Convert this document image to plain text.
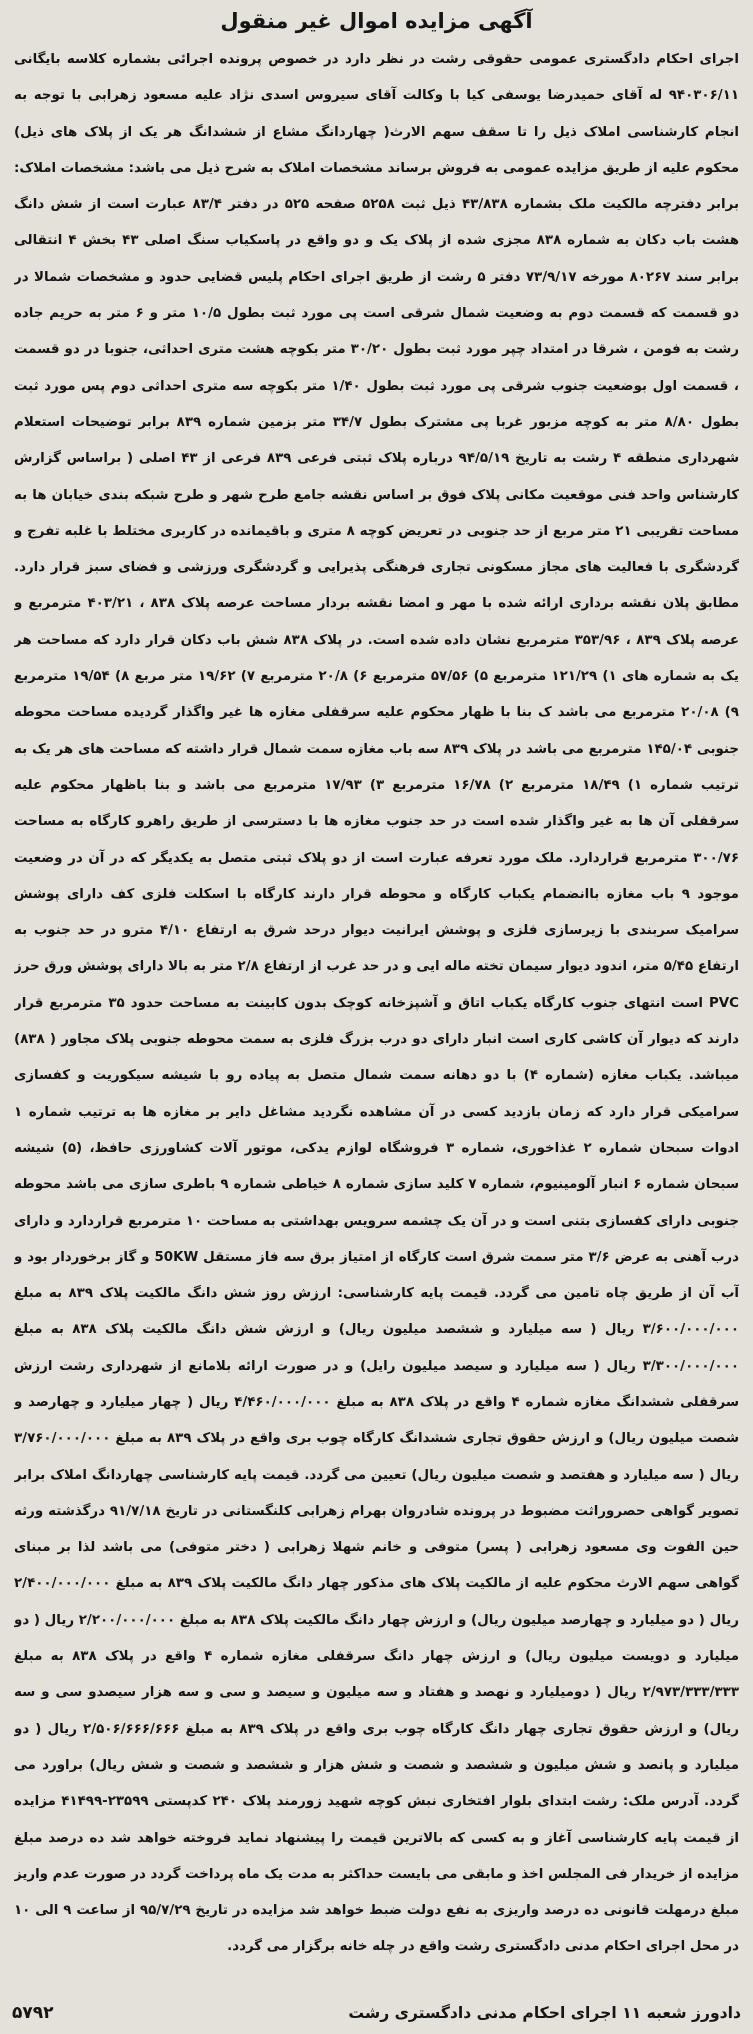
آگهی مزایده اموال غیر منقول
اجرای احکام دادگستری عمومی حقوقی رشت در نظر دارد در خصوص پرونده اجرائی بشماره کلاسه بایگانی ۹۴۰۳۰۶/۱۱ له آقای حمیدرضا یوسفی کیا با وکالت آقای سیروس اسدی نژاد علیه مسعود زهرابی با توجه به انجام کارشناسی املاک ذیل را تا سقف سهم الارث( چهاردانگ مشاع از ششدانگ هر یک از پلاک های ذیل) محکوم علیه از طریق مزایده عمومی به فروش برساند مشخصات املاک به شرح ذیل می باشد: مشخصات املاک: برابر دفترچه مالکیت ملک بشماره ۴۳/۸۳۸ ذیل ثبت ۵۲۵۸ صفحه ۵۲۵ در دفتر ۸۳/۴ عبارت است از شش دانگ هشت باب دکان به شماره ۸۳۸ مجزی شده از پلاک یک و دو واقع در پاسکیاب سنگ اصلی ۴۳ بخش ۴ انتقالی برابر سند ۸۰۲۶۷ مورخه ۷۳/۹/۱۷ دفتر ۵ رشت از طریق اجرای احکام پلیس قضایی حدود و مشخصات شمالا در دو قسمت که قسمت دوم به وضعیت شمال شرقی است پی مورد ثبت بطول ۱۰/۵ متر و ۶ متر به حریم جاده رشت به فومن ، شرقا در امتداد چپر مورد ثبت بطول ۳۰/۲۰ متر بکوچه هشت متری احداثی، جنوبا در دو قسمت ، قسمت اول بوضعیت جنوب شرقی پی مورد ثبت بطول ۱/۴۰ متر بکوچه سه متری احداثی دوم پس مورد ثبت بطول ۸/۸۰ متر به کوچه مزبور غربا پی مشترک بطول ۳۴/۷ متر بزمین شماره ۸۳۹ برابر توضیحات استعلام شهرداری منطقه ۴ رشت به تاریخ ۹۴/۵/۱۹ درباره پلاک ثبتی فرعی ۸۳۹ فرعی از ۴۳ اصلی ( براساس گزارش کارشناس واحد فنی موقعیت مکانی پلاک فوق بر اساس نقشه جامع طرح شهر و طرح شبکه بندی خیابان ها به مساحت تقریبی ۲۱ متر مربع از حد جنوبی در تعریض کوچه ۸ متری و باقیمانده در کاربری مختلط با غلبه تفرج و گردشگری با فعالیت های مجاز مسکونی تجاری فرهنگی پذیرایی و گردشگری ورزشی و فضای سبز قرار دارد. مطابق پلان نقشه برداری ارائه شده با مهر و امضا نقشه بردار مساحت عرصه پلاک ۸۳۸ ، ۴۰۳/۲۱ مترمربع و عرصه پلاک ۸۳۹ ، ۳۵۳/۹۶ مترمربع نشان داده شده است. در پلاک ۸۳۸ شش باب دکان قرار دارد که مساحت هر یک به شماره های ۱) ۱۲۱/۲۹ مترمربع ۵) ۵۷/۵۶ مترمربع ۶) ۲۰/۸ مترمربع ۷) ۱۹/۶۲ متر مربع ۸) ۱۹/۵۴ مترمربع ۹) ۲۰/۰۸ مترمربع می باشد ک بنا با ظهار محکوم علیه سرقفلی مغازه ها غیر واگذار گردیده مساحت محوطه جنوبی ۱۴۵/۰۴ مترمربع می باشد در پلاک ۸۳۹ سه باب مغازه سمت شمال قرار داشته که مساحت های هر یک به ترتیب شماره ۱) ۱۸/۴۹ مترمربع ۲) ۱۶/۷۸ مترمربع ۳) ۱۷/۹۳ مترمربع می باشد و بنا باظهار محکوم علیه سرقفلی آن ها به غیر واگذار شده است در حد جنوب مغازه ها با دسترسی از طریق راهرو کارگاه به مساحت ۳۰۰/۷۶ مترمربع قراردارد. ملک مورد تعرفه عبارت است از دو پلاک ثبتی متصل به یکدیگر که در آن در وضعیت موجود ۹ باب مغازه باانضمام یکباب کارگاه و محوطه قرار دارند کارگاه با اسکلت فلزی کف دارای پوشش سرامیک سربندی با زیرسازی فلزی و پوشش ایرانیت دیوار درحد شرق به ارتفاع ۴/۱۰ مترو در حد جنوب به ارتفاع ۵/۴۵ متر، اندود دیوار سیمان تخته ماله ایی و در حد غرب از ارتفاع ۲/۸ متر به بالا دارای پوشش ورق حرز PVC است انتهای جنوب کارگاه یکباب اتاق و آشپزخانه کوچک بدون کابینت به مساحت حدود ۳۵ مترمربع قرار دارند که دیوار آن کاشی کاری است انبار دارای دو درب بزرگ فلزی به سمت محوطه جنوبی پلاک مجاور ( ۸۳۸) میباشد. یکباب مغازه (شماره ۴) با دو دهانه سمت شمال متصل به پیاده رو با شیشه سیکوریت و کفسازی سرامیکی قرار دارد که زمان بازدید کسی در آن مشاهده نگردید مشاغل دایر بر مغازه ها به ترتیب شماره ۱ ادوات سبحان شماره ۲ غذاخوری، شماره ۳ فروشگاه لوازم یدکی، موتور آلات کشاورزی حافظ، (۵) شیشه سبحان شماره ۶ انبار آلومینیوم، شماره ۷ کلید سازی شماره ۸ خیاطی شماره ۹ باطری سازی می باشد محوطه جنوبی دارای کفسازی بتنی است و در آن یک چشمه سرویس بهداشتی به مساحت ۱۰ مترمربع قراردارد و دارای درب آهنی به عرض ۳/۶ متر سمت شرق است کارگاه از امتیاز برق سه فاز مستقل 50KW و گاز برخوردار بود و آب آن از طریق چاه تامین می گردد. قیمت پایه کارشناسی: ارزش روز شش دانگ مالکیت پلاک ۸۳۹ به مبلغ ۳/۶۰۰/۰۰۰/۰۰۰ ریال ( سه میلیارد و ششصد میلیون ریال) و ارزش شش دانگ مالکیت پلاک ۸۳۸ به مبلغ ۳/۳۰۰/۰۰۰/۰۰۰ ریال ( سه میلیارد و سیصد میلیون رایل) و در صورت ارائه بلامانع از شهرداری رشت ارزش سرقفلی ششدانگ مغازه شماره ۴ واقع در پلاک ۸۳۸ به مبلغ ۴/۴۶۰/۰۰۰/۰۰۰ ریال ( چهار میلیارد و چهارصد و شصت میلیون ریال) و ارزش حقوق تجاری ششدانگ کارگاه چوب بری واقع در پلاک ۸۳۹ به مبلغ ۳/۷۶۰/۰۰۰/۰۰۰ ریال ( سه میلیارد و هفتصد و شصت میلیون ریال) تعیین می گردد. قیمت پایه کارشناسی چهاردانگ املاک برابر تصویر گواهی حصروراثت مضبوط در پرونده شادروان بهرام زهرابی کلنگستانی در تاریخ ۹۱/۷/۱۸ درگذشته ورثه حین الفوت وی مسعود زهرابی ( پسر) متوفی و خانم شهلا زهرابی ( دختر متوفی) می باشد لذا بر مبنای گواهی سهم الارث محکوم علیه از مالکیت پلاک های مذکور چهار دانگ مالکیت پلاک ۸۳۹ به مبلغ ۲/۴۰۰/۰۰۰/۰۰۰ ریال ( دو میلیارد و چهارصد میلیون ریال) و ارزش چهار دانگ مالکیت پلاک ۸۳۸ به مبلغ ۲/۲۰۰/۰۰۰/۰۰۰ ریال ( دو میلیارد و دویست میلیون ریال) و ارزش چهار دانگ سرقفلی مغازه شماره ۴ واقع در پلاک ۸۳۸ به مبلغ ۲/۹۷۳/۳۳۳/۳۳۳ ریال ( دومیلیارد و نهصد و هفتاد و سه میلیون و سیصد و سی و سه هزار سیصدو سی و سه ریال) و ارزش حقوق تجاری چهار دانگ کارگاه چوب بری واقع در پلاک ۸۳۹ به مبلغ ۲/۵۰۶/۶۶۶/۶۶۶ ریال ( دو میلیارد و پانصد و شش میلیون و ششصد و شصت و شش هزار و ششصد و شصت و شش ریال) براورد می گردد. آدرس ملک: رشت ابتدای بلوار افتخاری نبش کوچه شهید زورمند پلاک ۲۴۰ کدپستی ۲۳۵۹۹-۴۱۴۹۹ مزایده از قیمت پایه کارشناسی آغاز و به کسی که بالاترین قیمت را پیشنهاد نماید فروخته خواهد شد ده درصد مبلغ مزایده از خریدار فی المجلس اخذ و مابقی می بایست حداکثر به مدت یک ماه پرداخت گردد در صورت عدم واریز مبلغ درمهلت قانونی ده درصد واریزی به نفع دولت ضبط خواهد شد مزایده در تاریخ ۹۵/۷/۲۹ از ساعت ۹ الی ۱۰ در محل اجرای احکام مدنی دادگستری رشت واقع در چله خانه برگزار می گردد.
دادورز شعبه ۱۱ اجرای احکام مدنی دادگستری رشت
۵۷۹۲
